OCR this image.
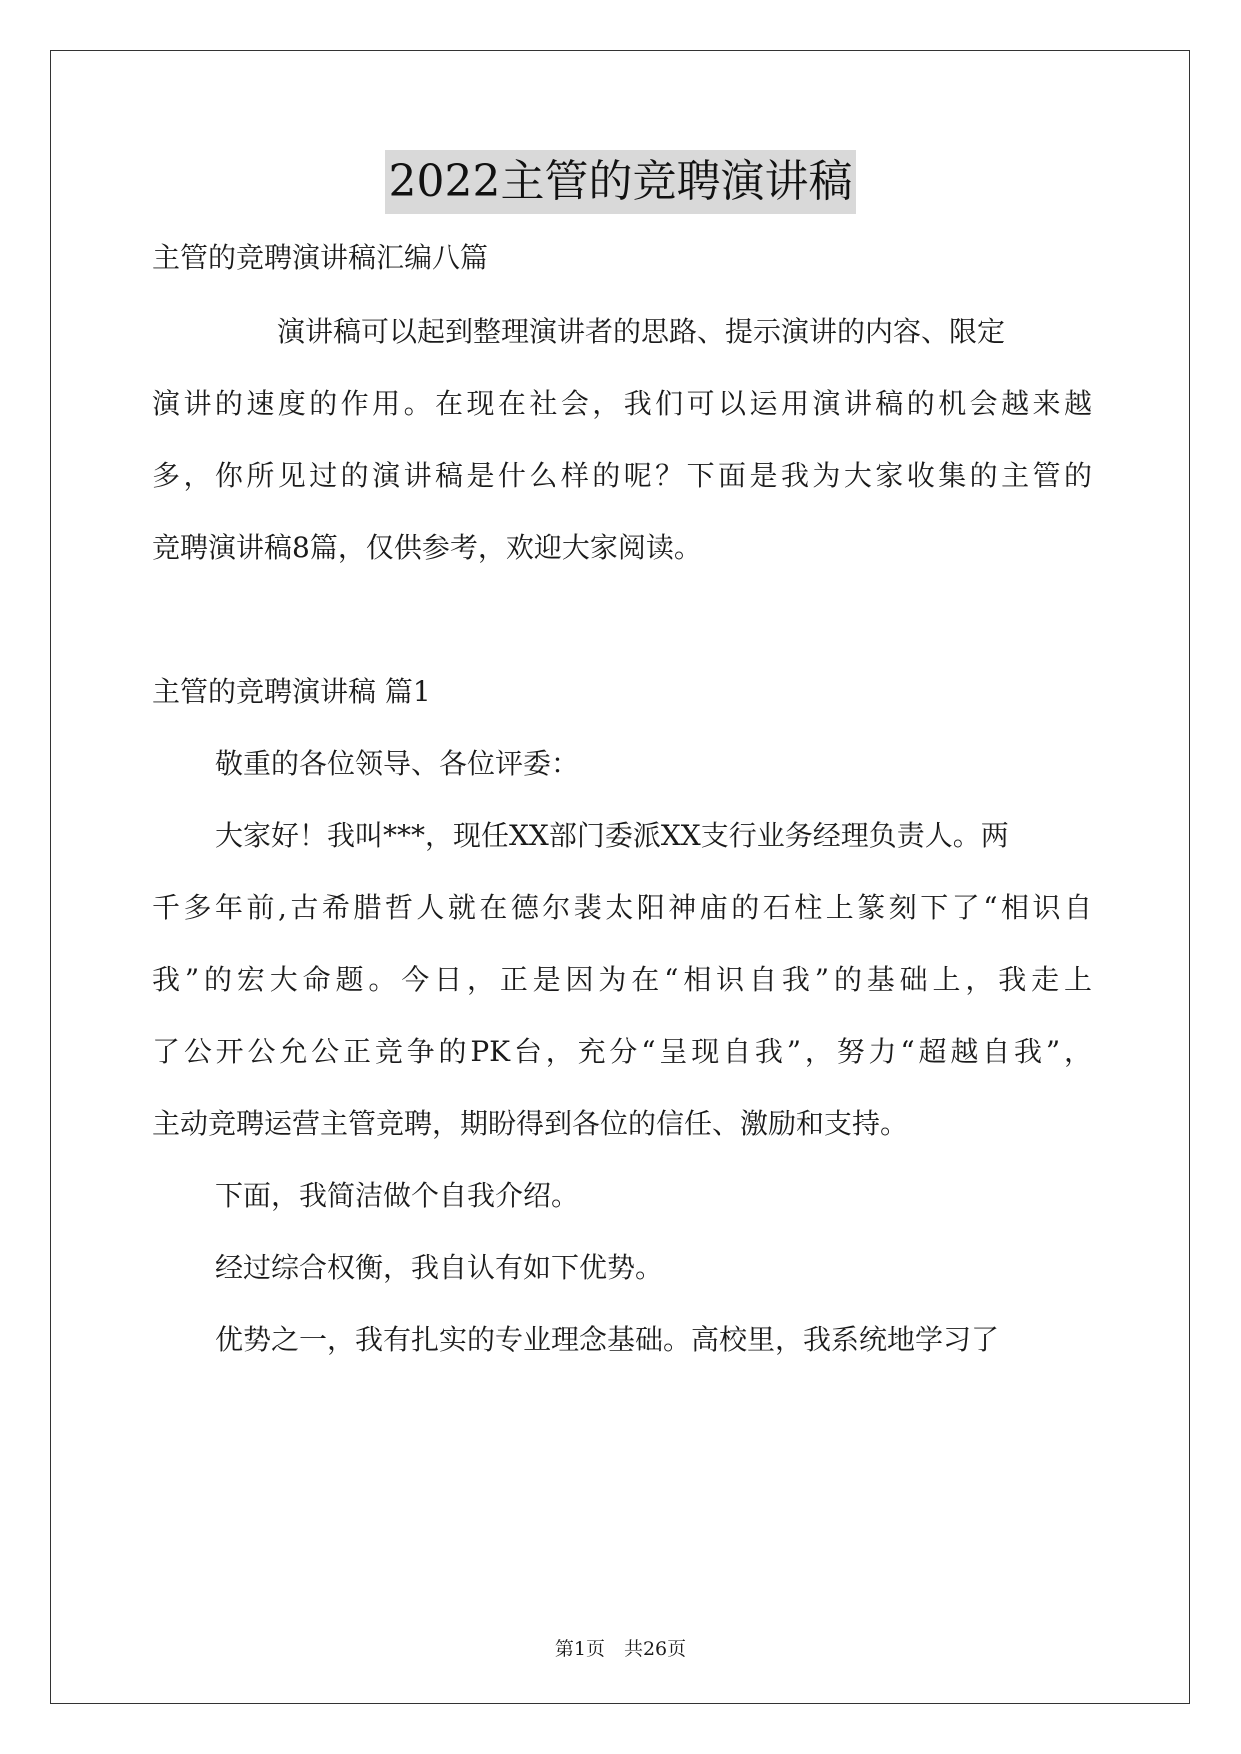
2022主管的竞聘演讲稿
主管的竞聘演讲稿汇编八篇
演讲稿可以起到整理演讲者的思路、提示演讲的内容、限定
演讲的速度的作用。在现在社会，我们可以运用演讲稿的机会越来越
多，你所见过的演讲稿是什么样的呢？下面是我为大家收集的主管的
竞聘演讲稿8篇，仅供参考，欢迎大家阅读。
主管的竞聘演讲稿 篇1
敬重的各位领导、各位评委：
大家好！我叫***，现任XX部门委派XX支行业务经理负责人。两
千多年前,古希腊哲人就在德尔裴太阳神庙的石柱上篆刻下了“相识自
我”的宏大命题。今日，正是因为在“相识自我”的基础上，我走上
了公开公允公正竞争的PK台，充分“呈现自我”，努力“超越自我”，
主动竞聘运营主管竞聘，期盼得到各位的信任、激励和支持。
下面，我简洁做个自我介绍。
经过综合权衡，我自认有如下优势。
优势之一，我有扎实的专业理念基础。高校里，我系统地学习了
第1页　共26页
